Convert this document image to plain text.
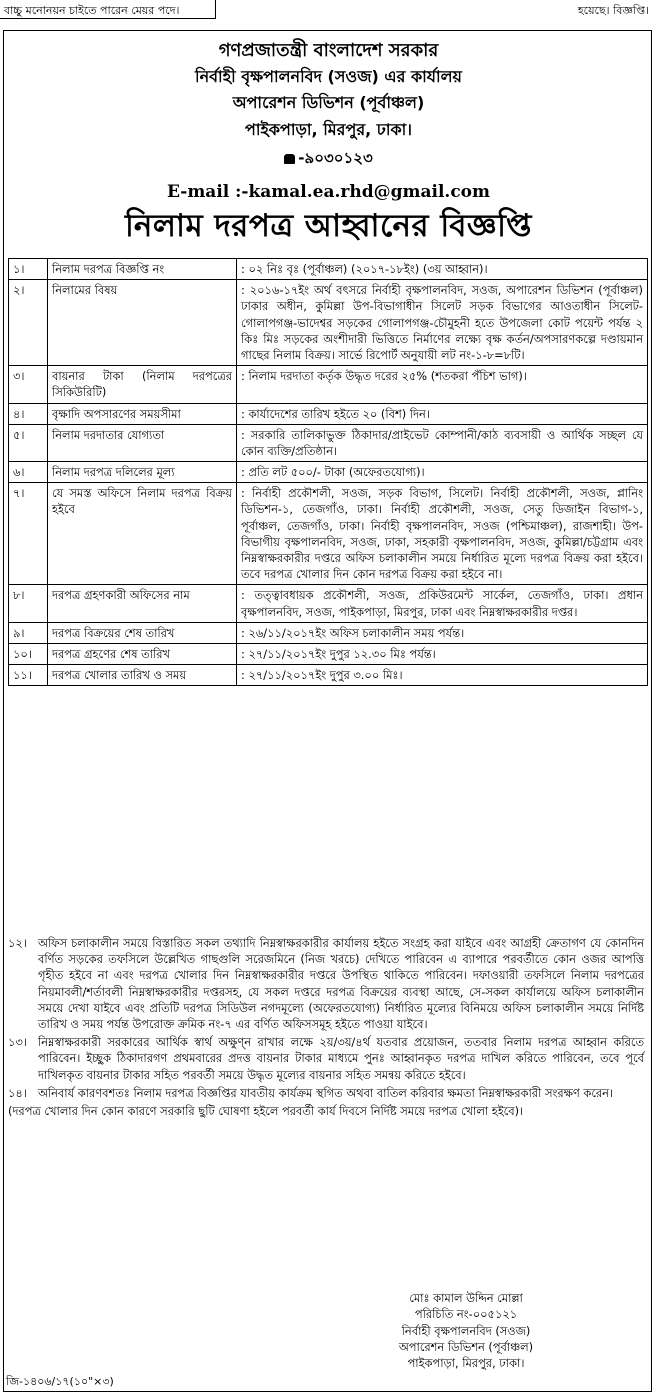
বাচ্চু মনোনয়ন চাইতে পারেন মেয়র পদে।	হয়েছে। বিজ্ঞপ্তি।
গণপ্রজাতন্ত্রী বাংলাদেশ সরকার
নির্বাহী বৃক্ষপালনবিদ (সওজ) এর কার্যালয়
অপারেশন ডিভিশন (পূর্বাঞ্চল)
পাইকপাড়া, মিরপুর, ঢাকা।
-৯০৩০১২৩
E-mail :-kamal.ea.rhd@gmail.com
নিলাম দরপত্র আহ্বানের বিজ্ঞপ্তি
১।	নিলাম দরপত্র বিজ্ঞপ্তি নং	: ০২ নিঃ বৃঃ (পূর্বাঞ্চল) (২০১৭-১৮ইং) (৩য় আহ্বান)।
২।	নিলামের বিষয়	: ২০১৬-১৭ইং অর্থ বৎসরে নির্বাহী বৃক্ষপালনবিদ, সওজ, অপারেশন ডিভিশন (পূর্বাঞ্চল) ঢাকার অধীন, কুমিল্লা উপ-বিভাগাধীন সিলেট সড়ক বিভাগের আওতাধীন সিলেট-গোলাপগঞ্জ-ভাদেশ্বর সড়কের গোলাপগঞ্জ-চৌমুহনী হতে উপজেলা কোট পয়েন্ট পর্যন্ত ২ কিঃ মিঃ সড়কের অংশীদারী ভিত্তিতে নির্মাণের লক্ষ্যে বৃক্ষ কর্তন/অপসারণকল্পে দণ্ডায়মান গাছের নিলাম বিক্রয়। সার্ভে রিপোর্ট অনুযায়ী লট নং-১-৮=৮টি।
৩।	বায়নার টাকা (নিলাম দরপত্রের সিকিউরিটি)	: নিলাম দরদাতা কর্তৃক উদ্ধৃত দরের ২৫% (শতকরা পঁচিশ ভাগ)।
৪।	বৃক্ষাদি অপসারণের সময়সীমা	: কার্যাদেশের তারিখ হইতে ২০ (বিশ) দিন।
৫।	নিলাম দরদাতার যোগ্যতা	: সরকারি তালিকাভুক্ত ঠিকাদার/প্রাইভেট কোম্পানী/কাঠ ব্যবসায়ী ও আর্থিক সচ্ছল যে কোন ব্যক্তি/প্রতিষ্ঠান।
৬।	নিলাম দরপত্র দলিলের মূল্য	: প্রতি লট ৫০০/- টাকা (অফেরতযোগ্য)।
৭।	যে সমস্ত অফিসে নিলাম দরপত্র বিক্রয় হইবে	: নির্বাহী প্রকৌশলী, সওজ, সড়ক বিভাগ, সিলেট। নির্বাহী প্রকৌশলী, সওজ, প্লানিং ডিভিশন-১, তেজগাঁও, ঢাকা। নির্বাহী প্রকৌশলী, সওজ, সেতু ডিজাইন বিভাগ-১, পূর্বাঞ্চল, তেজগাঁও, ঢাকা। নির্বাহী বৃক্ষপালনবিদ, সওজ (পশ্চিমাঞ্চল), রাজশাহী। উপ-বিভাগীয় বৃক্ষপালনবিদ, সওজ, ঢাকা, সহকারী বৃক্ষপালনবিদ, সওজ, কুমিল্লা/চট্টগ্রাম এবং নিম্নস্বাক্ষরকারীর দপ্তরে অফিস চলাকালীন সময়ে নির্ধারিত মূল্যে দরপত্র বিক্রয় করা হইবে। তবে দরপত্র খোলার দিন কোন দরপত্র বিক্রয় করা হইবে না।
৮।	দরপত্র গ্রহণকারী অফিসের নাম	: তত্ত্বাবধায়ক প্রকৌশলী, সওজ, প্রকিউরমেন্ট সার্কেল, তেজগাঁও, ঢাকা। প্রধান বৃক্ষপালনবিদ, সওজ, পাইকপাড়া, মিরপুর, ঢাকা এবং নিম্নস্বাক্ষরকারীর দপ্তর।
৯।	দরপত্র বিক্রয়ের শেষ তারিখ	: ২৬/১১/২০১৭ইং অফিস চলাকালীন সময় পর্যন্ত।
১০।	দরপত্র গ্রহণের শেষ তারিখ	: ২৭/১১/২০১৭ইং দুপুর ১২.৩০ মিঃ পর্যন্ত।
১১।	দরপত্র খোলার তারিখ ও সময়	: ২৭/১১/২০১৭ইং দুপুর ৩.০০ মিঃ।
১২। অফিস চলাকালীন সময়ে বিস্তারিত সকল তথ্যাদি নিম্নস্বাক্ষরকারীর কার্যালয় হইতে সংগ্রহ করা যাইবে এবং আগ্রহী ক্রেতাগণ যে কোনদিন বর্ণিত সড়কের তফসিলে উল্লেখিত গাছগুলি সরেজমিনে (নিজ খরচে) দেখিতে পারিবেন এ ব্যাপারে পরবর্তীতে কোন ওজর আপত্তি গৃহীত হইবে না এবং দরপত্র খোলার দিন নিম্নস্বাক্ষরকারীর দপ্তরে উপস্থিত থাকিতে পারিবেন। দফাওয়ারী তফসিলে নিলাম দরপত্রের নিয়মাবলী/শর্তাবলী নিম্নস্বাক্ষরকারীর দপ্তরসহ, যে সকল দপ্তরে দরপত্র বিক্রয়ের ব্যবস্থা আছে, সে-সকল কার্যালয়ে অফিস চলাকালীন সময়ে দেখা যাইবে এবং প্রতিটি দরপত্র সিডিউল নগদমূল্যে (অফেরতযোগ্য) নির্ধারিত মূল্যের বিনিময়ে অফিস চলাকালীন সময়ে নির্দিষ্ট তারিখ ও সময় পর্যন্ত উপরোক্ত ক্রমিক নং-৭ এর বর্ণিত অফিসসমূহ হইতে পাওয়া যাইবে।
১৩। নিম্নস্বাক্ষরকারী সরকারের আর্থিক স্বার্থ অক্ষুণ্ন রাখার লক্ষে ২য়/৩য়/৪র্থ যতবার প্রয়োজন, ততবার নিলাম দরপত্র আহ্বান করিতে পারিবেন। ইচ্ছুক ঠিকাদারগণ প্রথমবারের প্রদত্ত বায়নার টাকার মাধ্যমে পুনঃ আহ্বানকৃত দরপত্র দাখিল করিতে পারিবেন, তবে পূর্বে দাখিলকৃত বায়নার টাকার সহিত পরবর্তী সময়ে উদ্ধৃত মূল্যের বায়নার সহিত সমন্বয় করিতে হইবে।
১৪। অনিবার্য কারণবশতঃ নিলাম দরপত্র বিজ্ঞপ্তির যাবতীয় কার্যক্রম স্থগিত অথবা বাতিল করিবার ক্ষমতা নিম্নস্বাক্ষরকারী সংরক্ষণ করেন।
(দরপত্র খোলার দিন কোন কারণে সরকারি ছুটি ঘোষণা হইলে পরবর্তী কার্য দিবসে নির্দিষ্ট সময়ে দরপত্র খোলা হইবে)।
মোঃ কামাল উদ্দিন মোল্লা
পরিচিতি নং-০০৫১২১
নির্বাহী বৃক্ষপালনবিদ (সওজ)
অপারেশন ডিভিশন (পূর্বাঞ্চল)
পাইকপাড়া, মিরপুর, ঢাকা।
জি-১৪০৬/১৭(১০"×৩)
